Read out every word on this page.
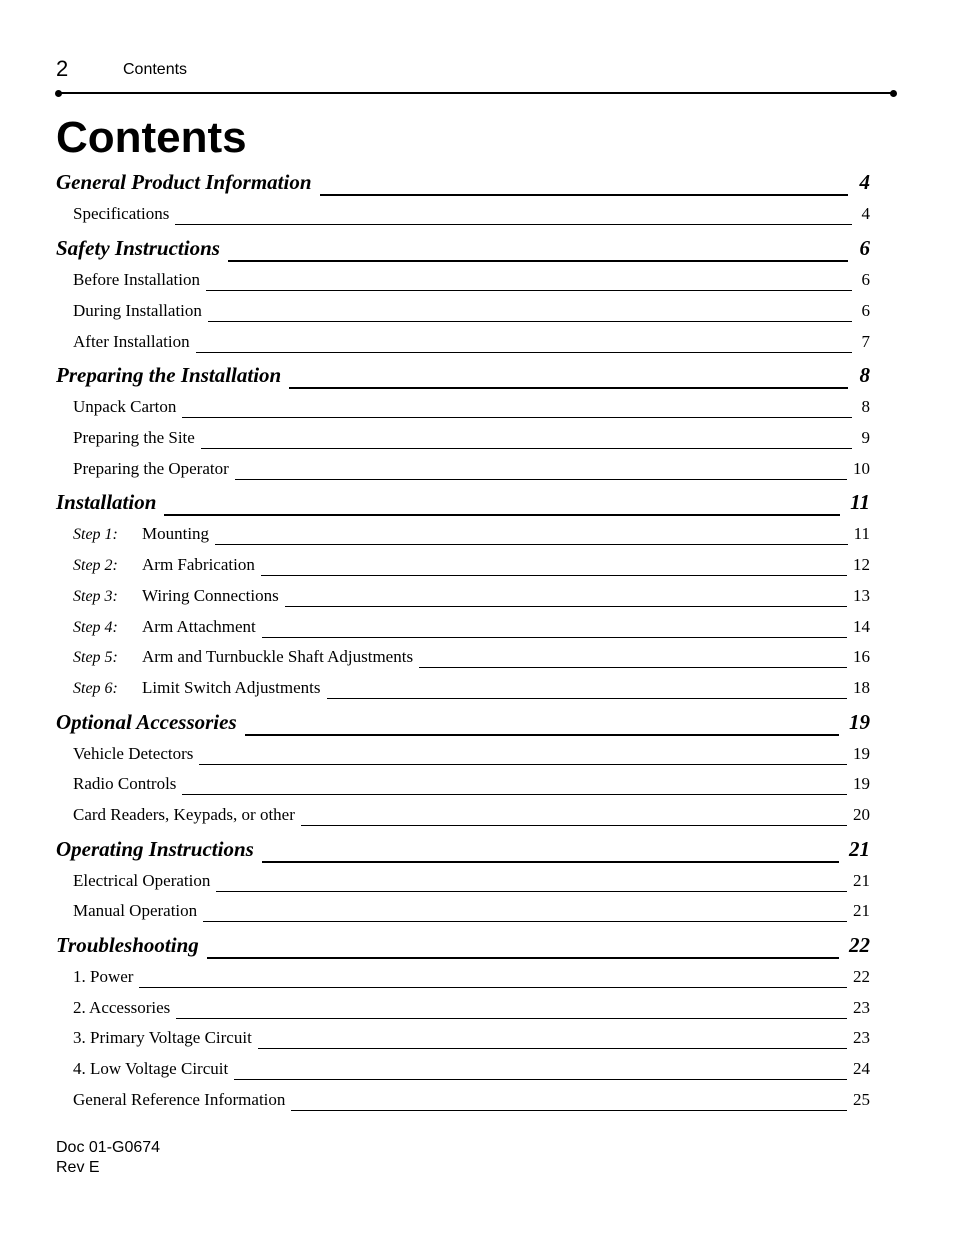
2	Contents
Contents
General Product Information	4
Specifications	4
Safety Instructions	6
Before Installation	6
During Installation	6
After Installation	7
Preparing the Installation	8
Unpack Carton	8
Preparing the Site	9
Preparing the Operator	10
Installation	11
Step 1:	Mounting	11
Step 2:	Arm Fabrication	12
Step 3:	Wiring Connections	13
Step 4:	Arm Attachment	14
Step 5:	Arm and Turnbuckle Shaft Adjustments	16
Step 6:	Limit Switch Adjustments	18
Optional Accessories	19
Vehicle Detectors	19
Radio Controls	19
Card Readers, Keypads, or other	20
Operating Instructions	21
Electrical Operation	21
Manual Operation	21
Troubleshooting	22
1. Power	22
2. Accessories	23
3. Primary Voltage Circuit	23
4. Low Voltage Circuit	24
General Reference Information	25
Doc 01-G0674
Rev E
